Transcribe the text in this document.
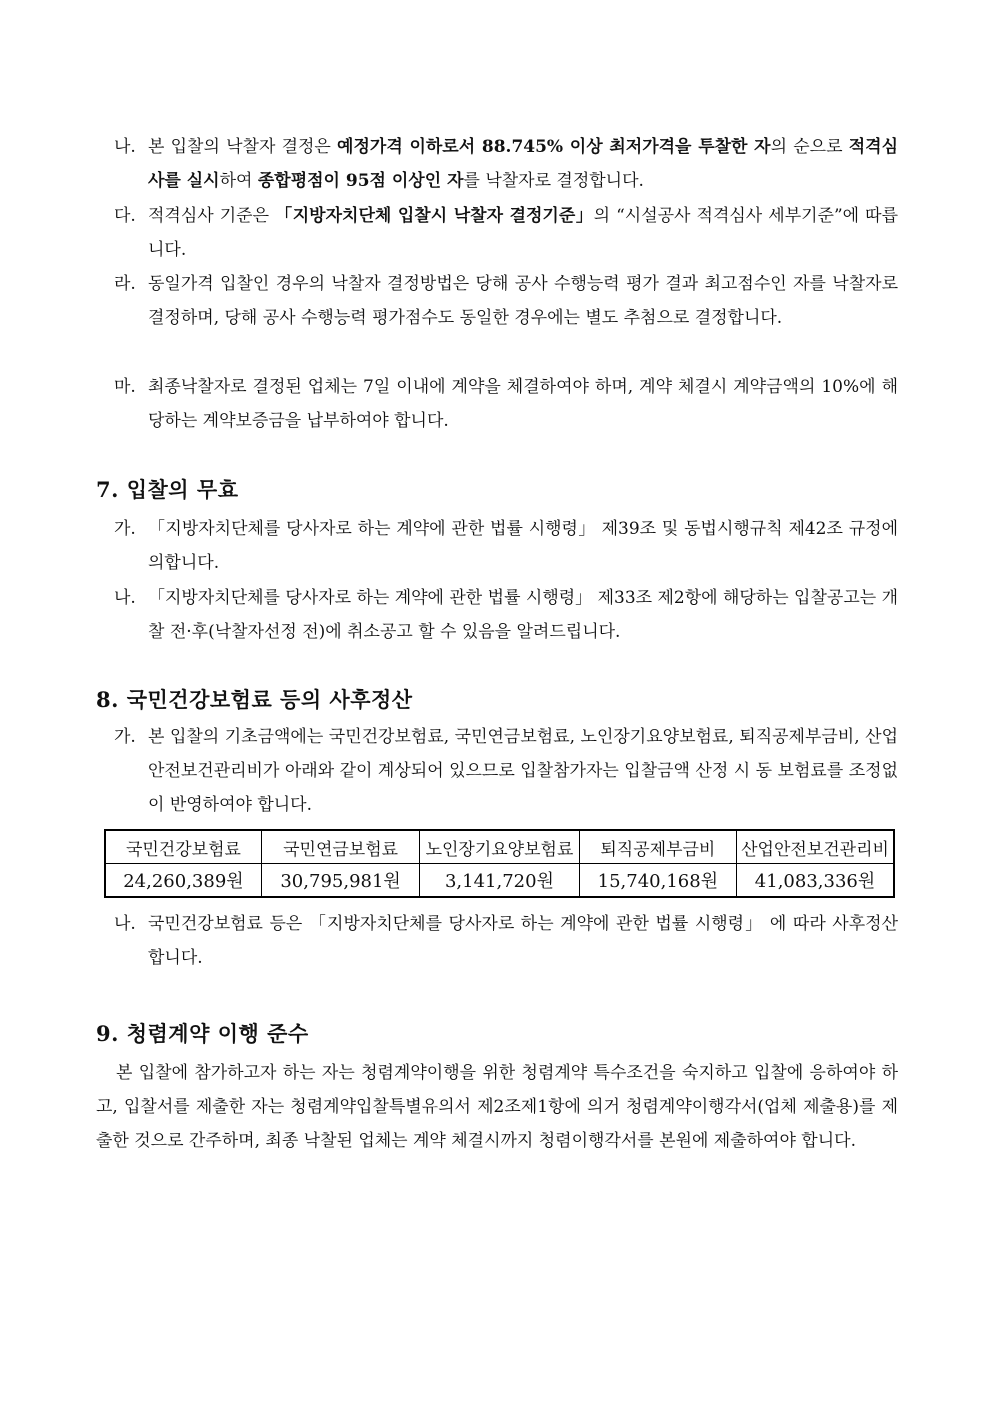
나. 본 입찰의 낙찰자 결정은 예정가격 이하로서 88.745% 이상 최저가격을 투찰한 자의 순으로 적격심사를 실시하여 종합평점이 95점 이상인 자를 낙찰자로 결정합니다.
다. 적격심사 기준은 「지방자치단체 입찰시 낙찰자 결정기준」의 “시설공사 적격심사 세부기준”에 따릅니다.
라. 동일가격 입찰인 경우의 낙찰자 결정방법은 당해 공사 수행능력 평가 결과 최고점수인 자를 낙찰자로 결정하며, 당해 공사 수행능력 평가점수도 동일한 경우에는 별도 추첨으로 결정합니다.
마. 최종낙찰자로 결정된 업체는 7일 이내에 계약을 체결하여야 하며, 계약 체결시 계약금액의 10%에 해당하는 계약보증금을 납부하여야 합니다.
7. 입찰의 무효
가. 「지방자치단체를 당사자로 하는 계약에 관한 법률 시행령」 제39조 및 동법시행규칙 제42조 규정에 의합니다.
나. 「지방자치단체를 당사자로 하는 계약에 관한 법률 시행령」 제33조 제2항에 해당하는 입찰공고는 개찰 전·후(낙찰자선정 전)에 취소공고 할 수 있음을 알려드립니다.
8. 국민건강보험료 등의 사후정산
가. 본 입찰의 기초금액에는 국민건강보험료, 국민연금보험료, 노인장기요양보험료, 퇴직공제부금비, 산업안전보건관리비가 아래와 같이 계상되어 있으므로 입찰참가자는 입찰금액 산정 시 동 보험료를 조정없이 반영하여야 합니다.
국민건강보험료	국민연금보험료	노인장기요양보험료	퇴직공제부금비	산업안전보건관리비
24,260,389원	30,795,981원	3,141,720원	15,740,168원	41,083,336원
나. 국민건강보험료 등은 「지방자치단체를 당사자로 하는 계약에 관한 법률 시행령」 에 따라 사후정산 합니다.
9. 청렴계약 이행 준수
본 입찰에 참가하고자 하는 자는 청렴계약이행을 위한 청렴계약 특수조건을 숙지하고 입찰에 응하여야 하고, 입찰서를 제출한 자는 청렴계약입찰특별유의서 제2조제1항에 의거 청렴계약이행각서(업체 제출용)를 제출한 것으로 간주하며, 최종 낙찰된 업체는 계약 체결시까지 청렴이행각서를 본원에 제출하여야 합니다.
